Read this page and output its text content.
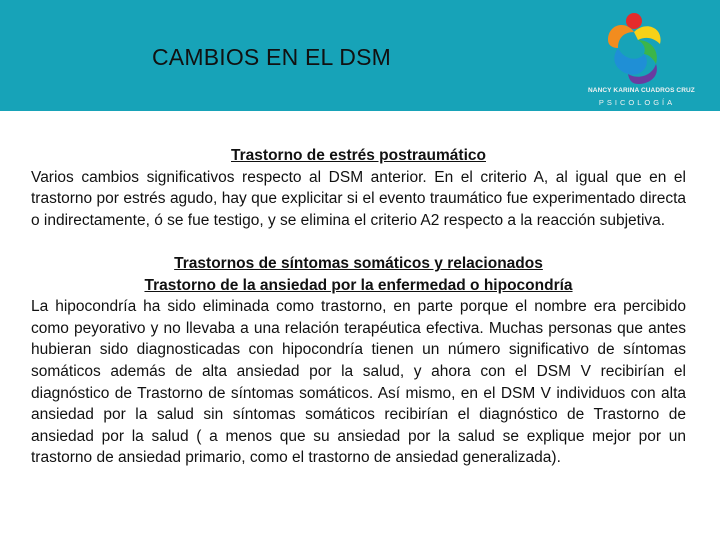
CAMBIOS EN EL DSM
NANCY KARINA CUADROS CRUZ
PSICOLOGÍA
Trastorno de estrés postraumático

Varios cambios significativos respecto al DSM anterior. En el criterio A, al igual que en el trastorno por estrés agudo, hay que explicitar si el evento traumático fue experimentado directa o indirectamente, ó se fue testigo, y se elimina el criterio A2 respecto a la reacción subjetiva.

Trastornos de síntomas somáticos y relacionados
Trastorno de la ansiedad por la enfermedad o hipocondría

La hipocondría ha sido eliminada como trastorno, en parte porque el nombre era percibido como peyorativo y no llevaba a una relación terapéutica efectiva. Muchas personas que antes hubieran sido diagnosticadas con hipocondría tienen un número significativo de síntomas somáticos además de alta ansiedad por la salud, y ahora con el DSM V recibirían el diagnóstico de Trastorno de síntomas somáticos. Así mismo, en el DSM V individuos con alta ansiedad por la salud sin síntomas somáticos recibirían el diagnóstico de Trastorno de ansiedad por la salud ( a menos que su ansiedad por la salud se explique mejor por un trastorno de ansiedad primario, como el trastorno de ansiedad generalizada).
